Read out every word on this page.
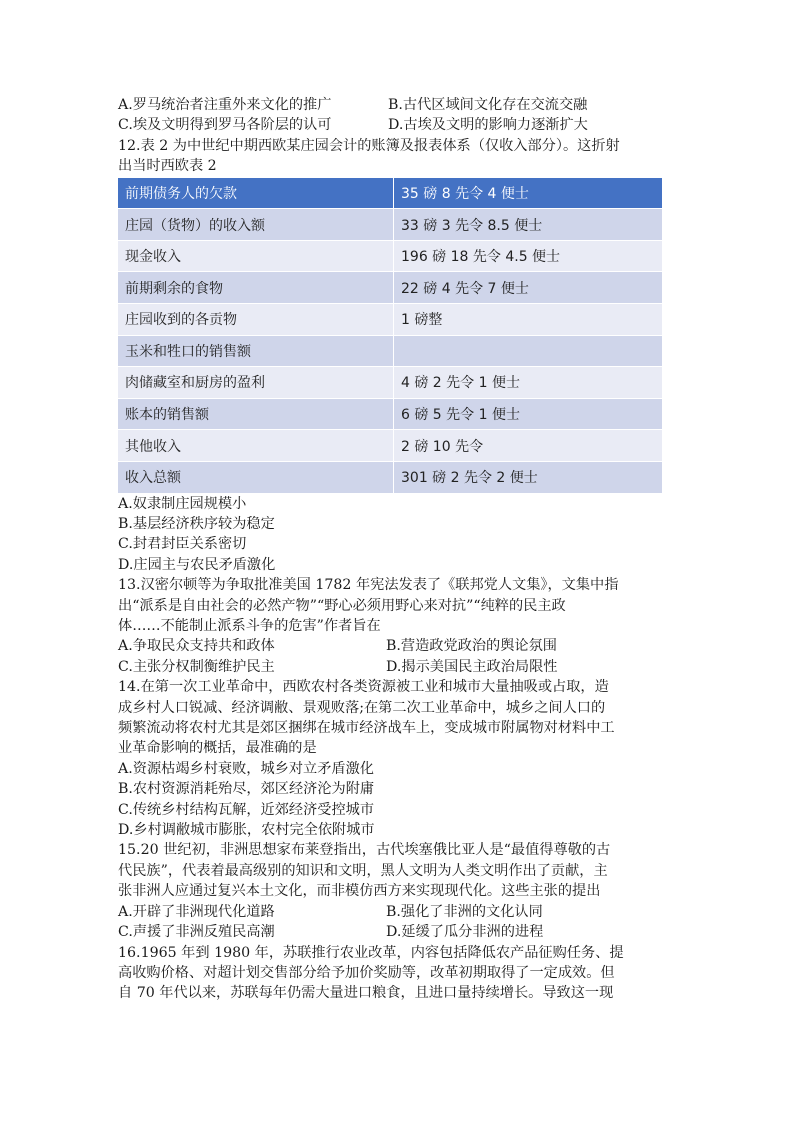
A.罗马统治者注重外来文化的推广	B.古代区域间文化存在交流交融
C.埃及文明得到罗马各阶层的认可	D.古埃及文明的影响力逐渐扩大
12.表 2 为中世纪中期西欧某庄园会计的账簿及报表体系（仅收入部分）。这折射
出当时西欧表 2
前期债务人的欠款	35 磅 8 先令 4 便士
庄园（货物）的收入额	33 磅 3 先令 8.5 便士
现金收入	196 磅 18 先令 4.5 便士
前期剩余的食物	22 磅 4 先令 7 便士
庄园收到的各贡物	1 磅整
玉米和牲口的销售额	
肉储藏室和厨房的盈利	4 磅 2 先令 1 便士
账本的销售额	6 磅 5 先令 1 便士
其他收入	2 磅 10 先令
收入总额	301 磅 2 先令 2 便士
A.奴隶制庄园规模小
B.基层经济秩序较为稳定
C.封君封臣关系密切
D.庄园主与农民矛盾激化
13.汉密尔顿等为争取批准美国 1782 年宪法发表了《联邦党人文集》，文集中指
出“派系是自由社会的必然产物”“野心必须用野心来对抗”“纯粹的民主政
体……不能制止派系斗争的危害”作者旨在
A.争取民众支持共和政体	B.营造政党政治的舆论氛围
C.主张分权制衡维护民主	D.揭示美国民主政治局限性
14.在第一次工业革命中，西欧农村各类资源被工业和城市大量抽吸或占取，造
成乡村人口锐减、经济调敝、景观败落;在第二次工业革命中，城乡之间人口的
频繁流动将农村尤其是郊区捆绑在城市经济战车上，变成城市附属物对材料中工
业革命影响的概括，最准确的是
A.资源枯竭乡村衰败，城乡对立矛盾激化
B.农村资源消耗殆尽，郊区经济沦为附庸
C.传统乡村结构瓦解，近郊经济受控城市
D.乡村调敝城市膨胀，农村完全依附城市
15.20 世纪初，非洲思想家布莱登指出，古代埃塞俄比亚人是“最值得尊敬的古
代民族”，代表着最高级别的知识和文明，黑人文明为人类文明作出了贡献，主
张非洲人应通过复兴本土文化，而非模仿西方来实现现代化。这些主张的提出
A.开辟了非洲现代化道路	B.强化了非洲的文化认同
C.声援了非洲反殖民高潮	D.延缓了瓜分非洲的进程
16.1965 年到 1980 年，苏联推行农业改革，内容包括降低农产品征购任务、提
高收购价格、对超计划交售部分给予加价奖励等，改革初期取得了一定成效。但
自 70 年代以来，苏联每年仍需大量进口粮食，且进口量持续增长。导致这一现
